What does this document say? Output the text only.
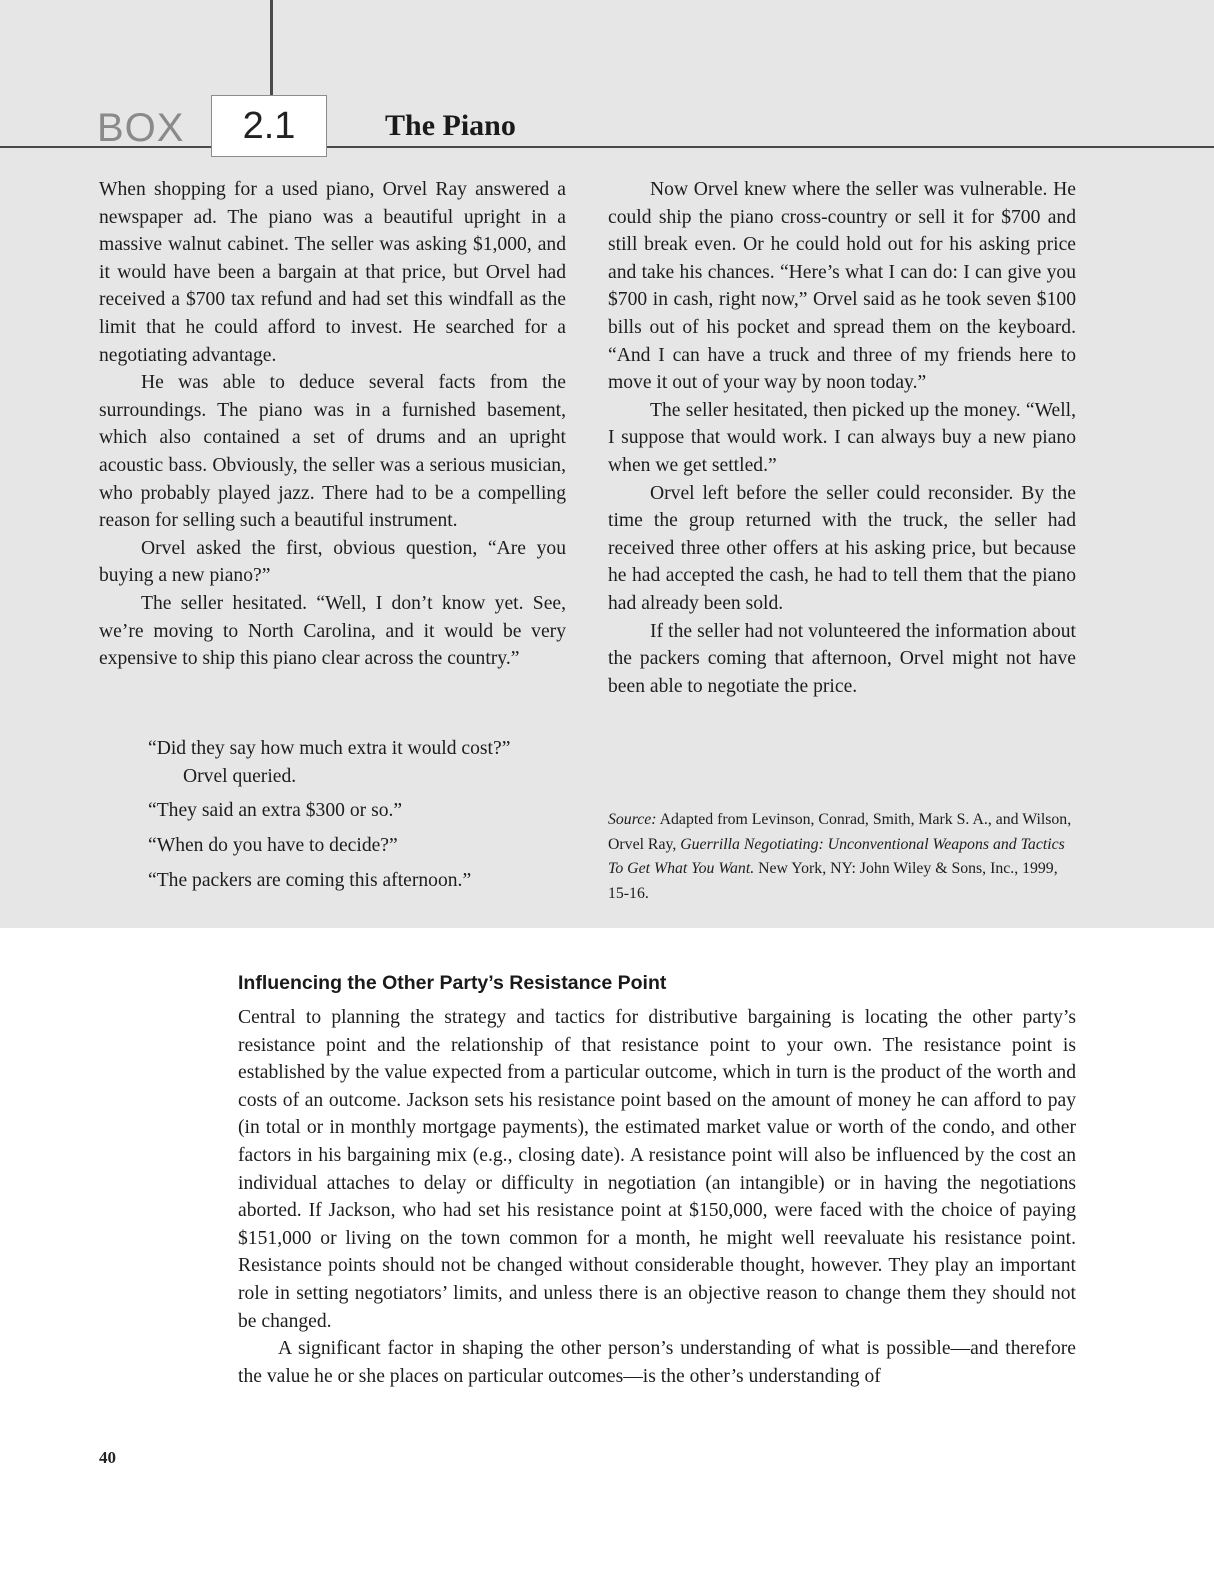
BOX	2.1	The Piano

When shopping for a used piano, Orvel Ray answered a newspaper ad. The piano was a beautiful upright in a massive walnut cabinet. The seller was asking $1,000, and it would have been a bargain at that price, but Orvel had received a $700 tax refund and had set this windfall as the limit that he could afford to invest. He searched for a negotiating advantage.

He was able to deduce several facts from the surroundings. The piano was in a furnished basement, which also contained a set of drums and an upright acoustic bass. Obviously, the seller was a serious musician, who probably played jazz. There had to be a compelling reason for selling such a beautiful instrument.

Orvel asked the first, obvious question, “Are you buying a new piano?”

The seller hesitated. “Well, I don’t know yet. See, we’re moving to North Carolina, and it would be very expensive to ship this piano clear across the country.”

“Did they say how much extra it would cost?”
Orvel queried.
“They said an extra $300 or so.”
“When do you have to decide?”
“The packers are coming this afternoon.”

Now Orvel knew where the seller was vulnerable. He could ship the piano cross-country or sell it for $700 and still break even. Or he could hold out for his asking price and take his chances. “Here’s what I can do: I can give you $700 in cash, right now,” Orvel said as he took seven $100 bills out of his pocket and spread them on the keyboard. “And I can have a truck and three of my friends here to move it out of your way by noon today.”

The seller hesitated, then picked up the money. “Well, I suppose that would work. I can always buy a new piano when we get settled.”

Orvel left before the seller could reconsider. By the time the group returned with the truck, the seller had received three other offers at his asking price, but because he had accepted the cash, he had to tell them that the piano had already been sold.

If the seller had not volunteered the information about the packers coming that afternoon, Orvel might not have been able to negotiate the price.

Source: Adapted from Levinson, Conrad, Smith, Mark S. A., and Wilson, Orvel Ray, Guerrilla Negotiating: Unconventional Weapons and Tactics To Get What You Want. New York, NY: John Wiley & Sons, Inc., 1999, 15-16.
Influencing the Other Party’s Resistance Point

Central to planning the strategy and tactics for distributive bargaining is locating the other party’s resistance point and the relationship of that resistance point to your own. The resistance point is established by the value expected from a particular outcome, which in turn is the product of the worth and costs of an outcome. Jackson sets his resistance point based on the amount of money he can afford to pay (in total or in monthly mortgage payments), the estimated market value or worth of the condo, and other factors in his bargaining mix (e.g., closing date). A resistance point will also be influenced by the cost an individual attaches to delay or difficulty in negotiation (an intangible) or in having the negotiations aborted. If Jackson, who had set his resistance point at $150,000, were faced with the choice of paying $151,000 or living on the town common for a month, he might well reevaluate his resistance point. Resistance points should not be changed without considerable thought, however. They play an important role in setting negotiators’ limits, and unless there is an objective reason to change them they should not be changed.

A significant factor in shaping the other person’s understanding of what is possible—and therefore the value he or she places on particular outcomes—is the other’s understanding of

40
